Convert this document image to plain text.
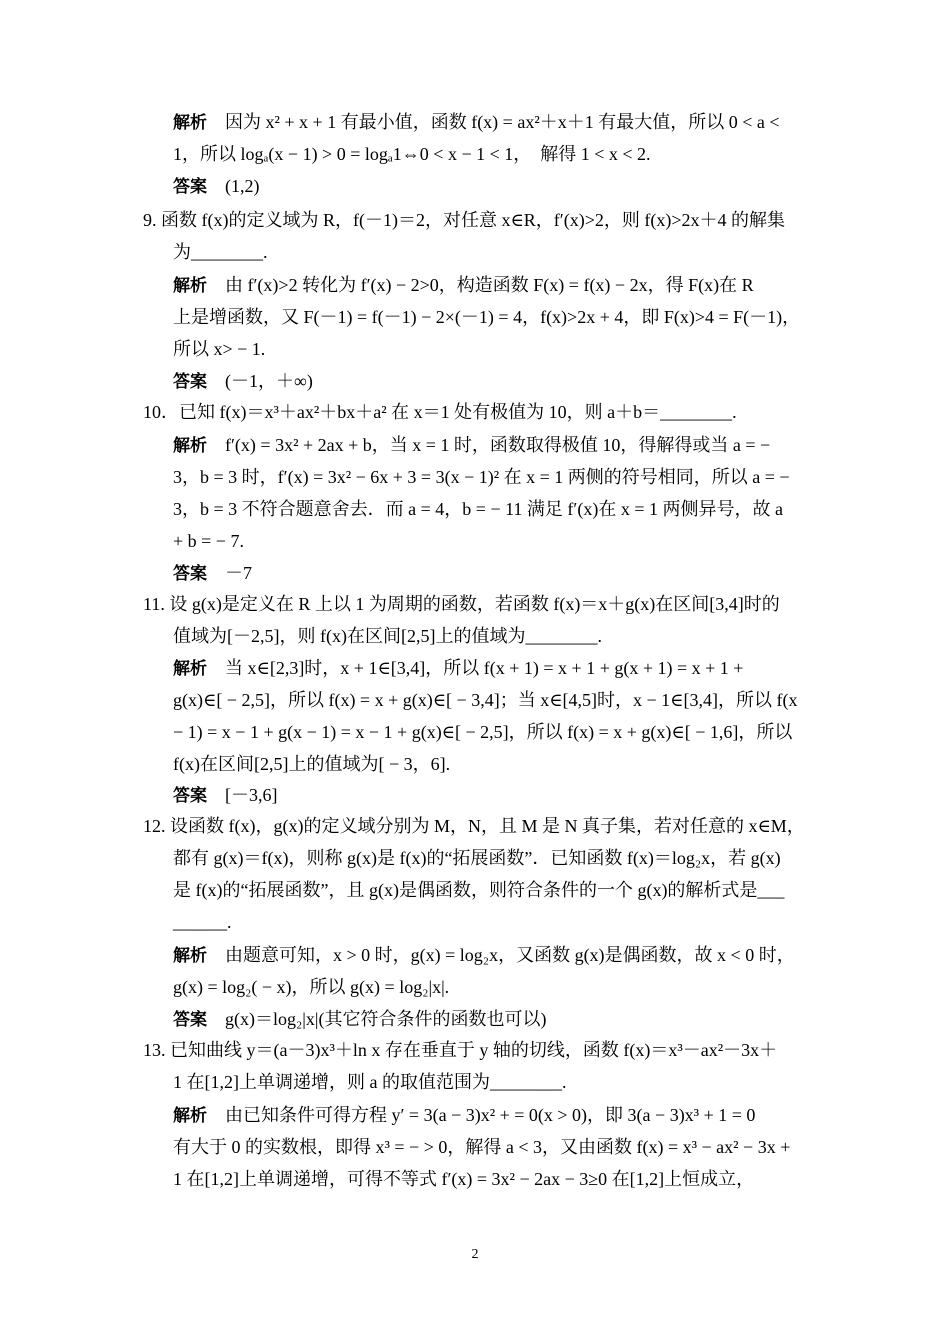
2
解析　 因为 x² + x + 1 有最小值，函数 f(x) = ax²＋x＋1 有最大值，所以 0 < a <
1，所以 logₐ(x − 1) > 0 = logₐ1⇔0 < x − 1 < 1，　解得 1 < x < 2.
答案　 (1,2)
9. 函数 f(x)的定义域为 R，f(－1)＝2，对任意 x∈R，f′(x)>2，则 f(x)>2x＋4 的解集
为________.
解析　 由 f′(x)>2 转化为 f′(x) − 2>0，构造函数 F(x) = f(x) − 2x，得 F(x)在 R
上是增函数，又 F(－1) = f(－1) − 2×(－1) = 4，f(x)>2x + 4，即 F(x)>4 = F(－1)，
所以 x> − 1.
答案　 (－1，＋∞)
10．已知 f(x)＝x³＋ax²＋bx＋a² 在 x＝1 处有极值为 10，则 a＋b＝________.
解析　 f′(x) = 3x² + 2ax + b，当 x = 1 时，函数取得极值 10，得解得或当 a = −
3，b = 3 时，f′(x) = 3x² − 6x + 3 = 3(x − 1)² 在 x = 1 两侧的符号相同，所以 a = −
3，b = 3 不符合题意舍去．而 a = 4，b = − 11 满足 f′(x)在 x = 1 两侧异号，故 a
+ b = − 7.
答案　 －7
11. 设 g(x)是定义在 R 上以 1 为周期的函数，若函数 f(x)＝x＋g(x)在区间[3,4]时的
值域为[－2,5]，则 f(x)在区间[2,5]上的值域为________.
解析　 当 x∈[2,3]时，x + 1∈[3,4]，所以 f(x + 1) = x + 1 + g(x + 1) = x + 1 +
g(x)∈[ − 2,5]，所以 f(x) = x + g(x)∈[ − 3,4]；当 x∈[4,5]时，x − 1∈[3,4]，所以 f(x
− 1) = x − 1 + g(x − 1) = x − 1 + g(x)∈[ − 2,5]，所以 f(x) = x + g(x)∈[ − 1,6]，所以
f(x)在区间[2,5]上的值域为[ − 3，6].
答案　 [－3,6]
12. 设函数 f(x)，g(x)的定义域分别为 M，N，且 M 是 N 真子集，若对任意的 x∈M，
都有 g(x)＝f(x)，则称 g(x)是 f(x)的“拓展函数”．已知函数 f(x)＝log₂x，若 g(x)
是 f(x)的“拓展函数”，且 g(x)是偶函数，则符合条件的一个 g(x)的解析式是___
______.
解析　 由题意可知，x > 0 时，g(x) = log₂x，又函数 g(x)是偶函数，故 x < 0 时，
g(x) = log₂( − x)，所以 g(x) = log₂|x|.
答案　 g(x)＝log₂|x|(其它符合条件的函数也可以)
13. 已知曲线 y＝(a－3)x³＋ln x 存在垂直于 y 轴的切线，函数 f(x)＝x³－ax²－3x＋
1 在[1,2]上单调递增，则 a 的取值范围为________.
解析　 由已知条件可得方程 y′ = 3(a − 3)x² + = 0(x > 0)，即 3(a − 3)x³ + 1 = 0
有大于 0 的实数根，即得 x³ = − > 0，解得 a < 3，又由函数 f(x) = x³ − ax² − 3x +
1 在[1,2]上单调递增，可得不等式 f′(x) = 3x² − 2ax − 3≥0 在[1,2]上恒成立，
